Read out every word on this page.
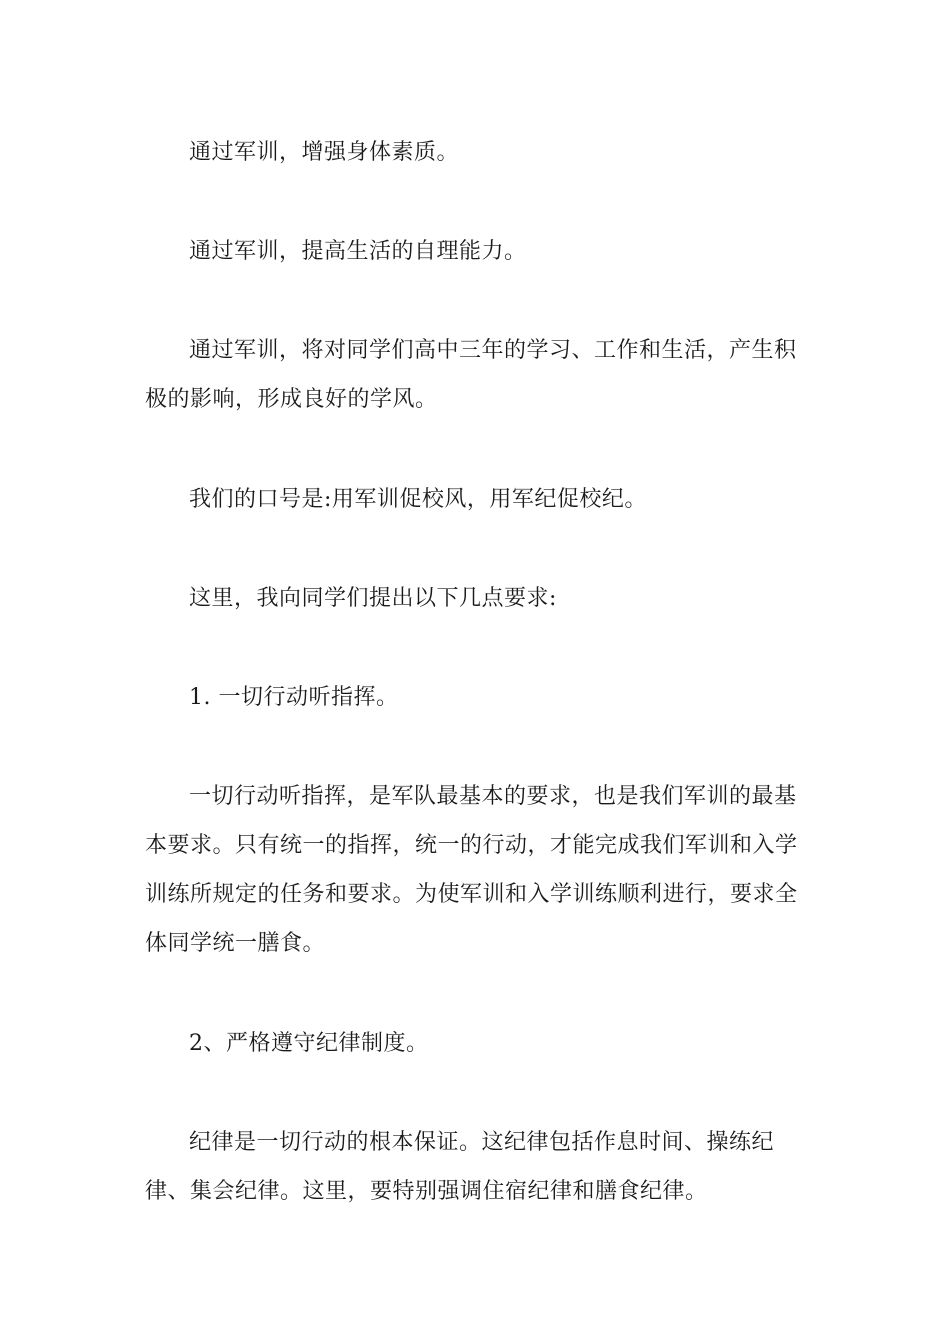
通过军训，增强身体素质。

通过军训，提高生活的自理能力。

通过军训，将对同学们高中三年的学习、工作和生活，产生积极的影响，形成良好的学风。

我们的口号是:用军训促校风，用军纪促校纪。

这里，我向同学们提出以下几点要求:

1. 一切行动听指挥。

一切行动听指挥，是军队最基本的要求，也是我们军训的最基本要求。只有统一的指挥，统一的行动，才能完成我们军训和入学训练所规定的任务和要求。为使军训和入学训练顺利进行，要求全体同学统一膳食。

2、严格遵守纪律制度。

纪律是一切行动的根本保证。这纪律包括作息时间、操练纪律、集会纪律。这里，要特别强调住宿纪律和膳食纪律。
